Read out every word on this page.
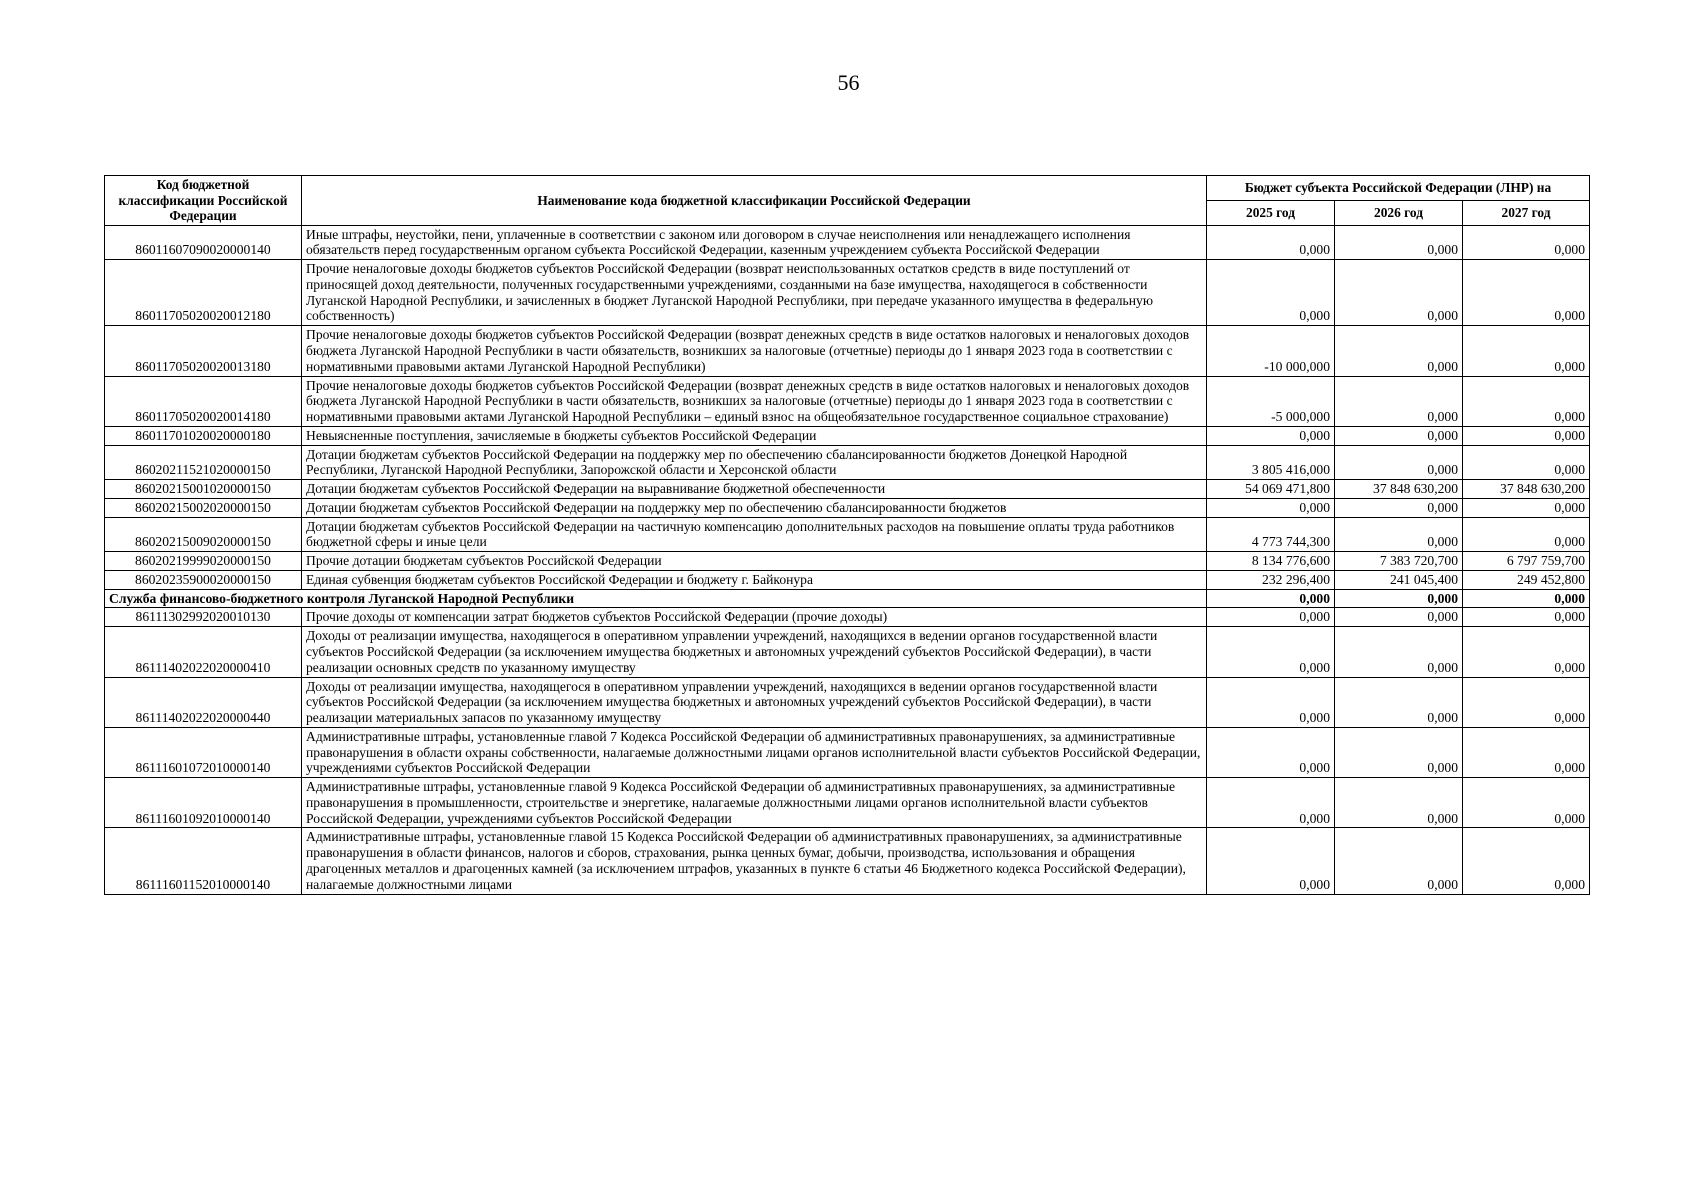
56
Код бюджетной классификации Российской Федерации	Наименование кода бюджетной классификации Российской Федерации	Бюджет субъекта Российской Федерации (ЛНР) на		
		2025 год	2026 год	2027 год
86011607090020000140	Иные штрафы, неустойки, пени, уплаченные в соответствии с законом или договором в случае неисполнения или ненадлежащего исполнения обязательств перед государственным органом субъекта Российской Федерации, казенным учреждением субъекта Российской Федерации	0,000	0,000	0,000
86011705020020012180	Прочие неналоговые доходы бюджетов субъектов Российской Федерации (возврат неиспользованных остатков средств в виде поступлений от приносящей доход деятельности, полученных государственными учреждениями, созданными на базе имущества, находящегося в собственности Луганской Народной Республики, и зачисленных в бюджет Луганской Народной Республики, при передаче указанного имущества в федеральную собственность)	0,000	0,000	0,000
86011705020020013180	Прочие неналоговые доходы бюджетов субъектов Российской Федерации (возврат денежных средств в виде остатков налоговых и неналоговых доходов бюджета Луганской Народной Республики в части обязательств, возникших за налоговые (отчетные) периоды до 1 января 2023 года в соответствии с нормативными правовыми актами Луганской Народной Республики)	-10 000,000	0,000	0,000
86011705020020014180	Прочие неналоговые доходы бюджетов субъектов Российской Федерации (возврат денежных средств в виде остатков налоговых и неналоговых доходов бюджета Луганской Народной Республики в части обязательств, возникших за налоговые (отчетные) периоды до 1 января 2023 года в соответствии с нормативными правовыми актами Луганской Народной Республики – единый взнос на общеобязательное государственное социальное страхование)	-5 000,000	0,000	0,000
86011701020020000180	Невыясненные поступления, зачисляемые в бюджеты субъектов Российской Федерации	0,000	0,000	0,000
86020211521020000150	Дотации бюджетам субъектов Российской Федерации на поддержку мер по обеспечению сбалансированности бюджетов Донецкой Народной Республики, Луганской Народной Республики, Запорожской области и Херсонской области	3 805 416,000	0,000	0,000
86020215001020000150	Дотации бюджетам субъектов Российской Федерации на выравнивание бюджетной обеспеченности	54 069 471,800	37 848 630,200	37 848 630,200
86020215002020000150	Дотации бюджетам субъектов Российской Федерации на поддержку мер по обеспечению сбалансированности бюджетов	0,000	0,000	0,000
86020215009020000150	Дотации бюджетам субъектов Российской Федерации на частичную компенсацию дополнительных расходов на повышение оплаты труда работников бюджетной сферы и иные цели	4 773 744,300	0,000	0,000
86020219999020000150	Прочие дотации бюджетам субъектов Российской Федерации	8 134 776,600	7 383 720,700	6 797 759,700
86020235900020000150	Единая субвенция бюджетам субъектов Российской Федерации и бюджету г. Байконура	232 296,400	241 045,400	249 452,800
Служба финансово-бюджетного контроля Луганской Народной Республики		0,000	0,000	0,000
86111302992020010130	Прочие доходы от компенсации затрат бюджетов субъектов Российской Федерации (прочие доходы)	0,000	0,000	0,000
86111402022020000410	Доходы от реализации имущества, находящегося в оперативном управлении учреждений, находящихся в ведении органов государственной власти субъектов Российской Федерации (за исключением имущества бюджетных и автономных учреждений субъектов Российской Федерации), в части реализации основных средств по указанному имуществу	0,000	0,000	0,000
86111402022020000440	Доходы от реализации имущества, находящегося в оперативном управлении учреждений, находящихся в ведении органов государственной власти субъектов Российской Федерации (за исключением имущества бюджетных и автономных учреждений субъектов Российской Федерации), в части реализации материальных запасов по указанному имуществу	0,000	0,000	0,000
86111601072010000140	Административные штрафы, установленные главой 7 Кодекса Российской Федерации об административных правонарушениях, за административные правонарушения в области охраны собственности, налагаемые должностными лицами органов исполнительной власти субъектов Российской Федерации, учреждениями субъектов Российской Федерации	0,000	0,000	0,000
86111601092010000140	Административные штрафы, установленные главой 9 Кодекса Российской Федерации об административных правонарушениях, за административные правонарушения в промышленности, строительстве и энергетике, налагаемые должностными лицами органов исполнительной власти субъектов Российской Федерации, учреждениями субъектов Российской Федерации	0,000	0,000	0,000
86111601152010000140	Административные штрафы, установленные главой 15 Кодекса Российской Федерации об административных правонарушениях, за административные правонарушения в области финансов, налогов и сборов, страхования, рынка ценных бумаг, добычи, производства, использования и обращения драгоценных металлов и драгоценных камней (за исключением штрафов, указанных в пункте 6 статьи 46 Бюджетного кодекса Российской Федерации), налагаемые должностными лицами	0,000	0,000	0,000
